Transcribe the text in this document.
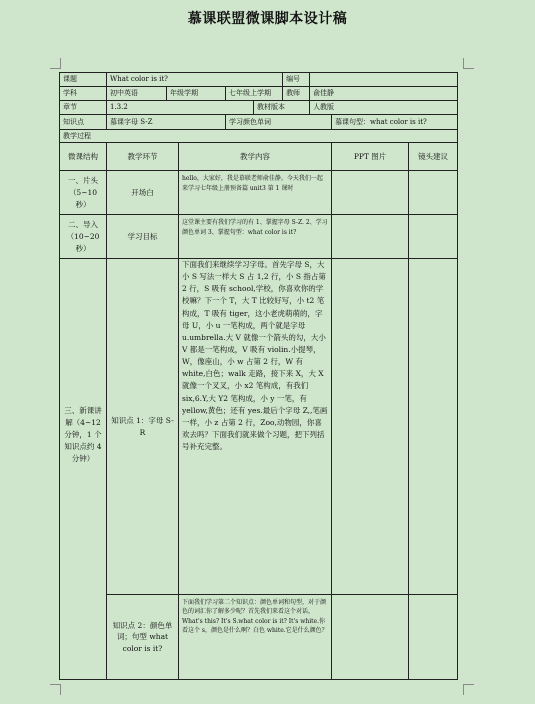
慕课联盟微课脚本设计稿
课题	What color is it?					编号			
学科	初中英语	年级学期		七年级上学期		教师	俞佳静		
章节	1.3.2				教材版本		人教版		
知识点	慕课字母 S-Z			学习颜色单词				慕课句型：what color is it?	
教学过程									
微课结构	教学环节		教学内容					PPT 图片	镜头建议
一、片头（5~10 秒）	开场白		hello，大家好，我是慕联老师俞佳静。今天我们一起来学习七年级上册预备篇 unit3 第 1 课时						
二、导入（10~20 秒）	学习目标		这堂课主要有我们学习的有 1、掌握字母 S-Z. 2、学习颜色单词 3、掌握句型：what color is it?						
三、新课讲解（4~12 分钟，1 个知识点约 4 分钟）	知识点 1：字母 S-R		下面我们来继续学习字母。首先字母 S，大小 S 写法一样大 S 占 1,2 行，小 S 指占第 2 行，S 吸有 school,学校，你喜欢你的学校嘛？下一个 T，大 T 比较好写，小 t2 笔构成，T 吸有 tiger，这小老虎萌萌的，字母 U，小 u 一笔构成，两个就是字母 u.umbrella.大 V 就像一个箭头的勾，大小 V 都是一笔构成，V 吸有 violin.小提琴，W，像座山，小 w 占第 2 行，W 有 white,白色；walk 走路，接下来 X，大 X 就像一个叉叉，小 x2 笔构成，有我们 six,6.Y,大 Y2 笔构成，小 y 一笔，有 yellow,黄色；还有 yes.最后个字母 Z,,笔画一样，小 z 占第 2 行，Zoo,动物园，你喜欢去吗？下面我们就来做个习题，把下列括号补充完整。						
	知识点 2：颜色单词；句型 what color is it?		下面我们学习第二个知识点：颜色单词和句型，对于颜色的词汇你了解多少呢？首先我们来看这个对话，What's this? It's S.what color is it? It's white.你看这个 s，颜色是什么啊？白色 white.它是什么颜色？						
